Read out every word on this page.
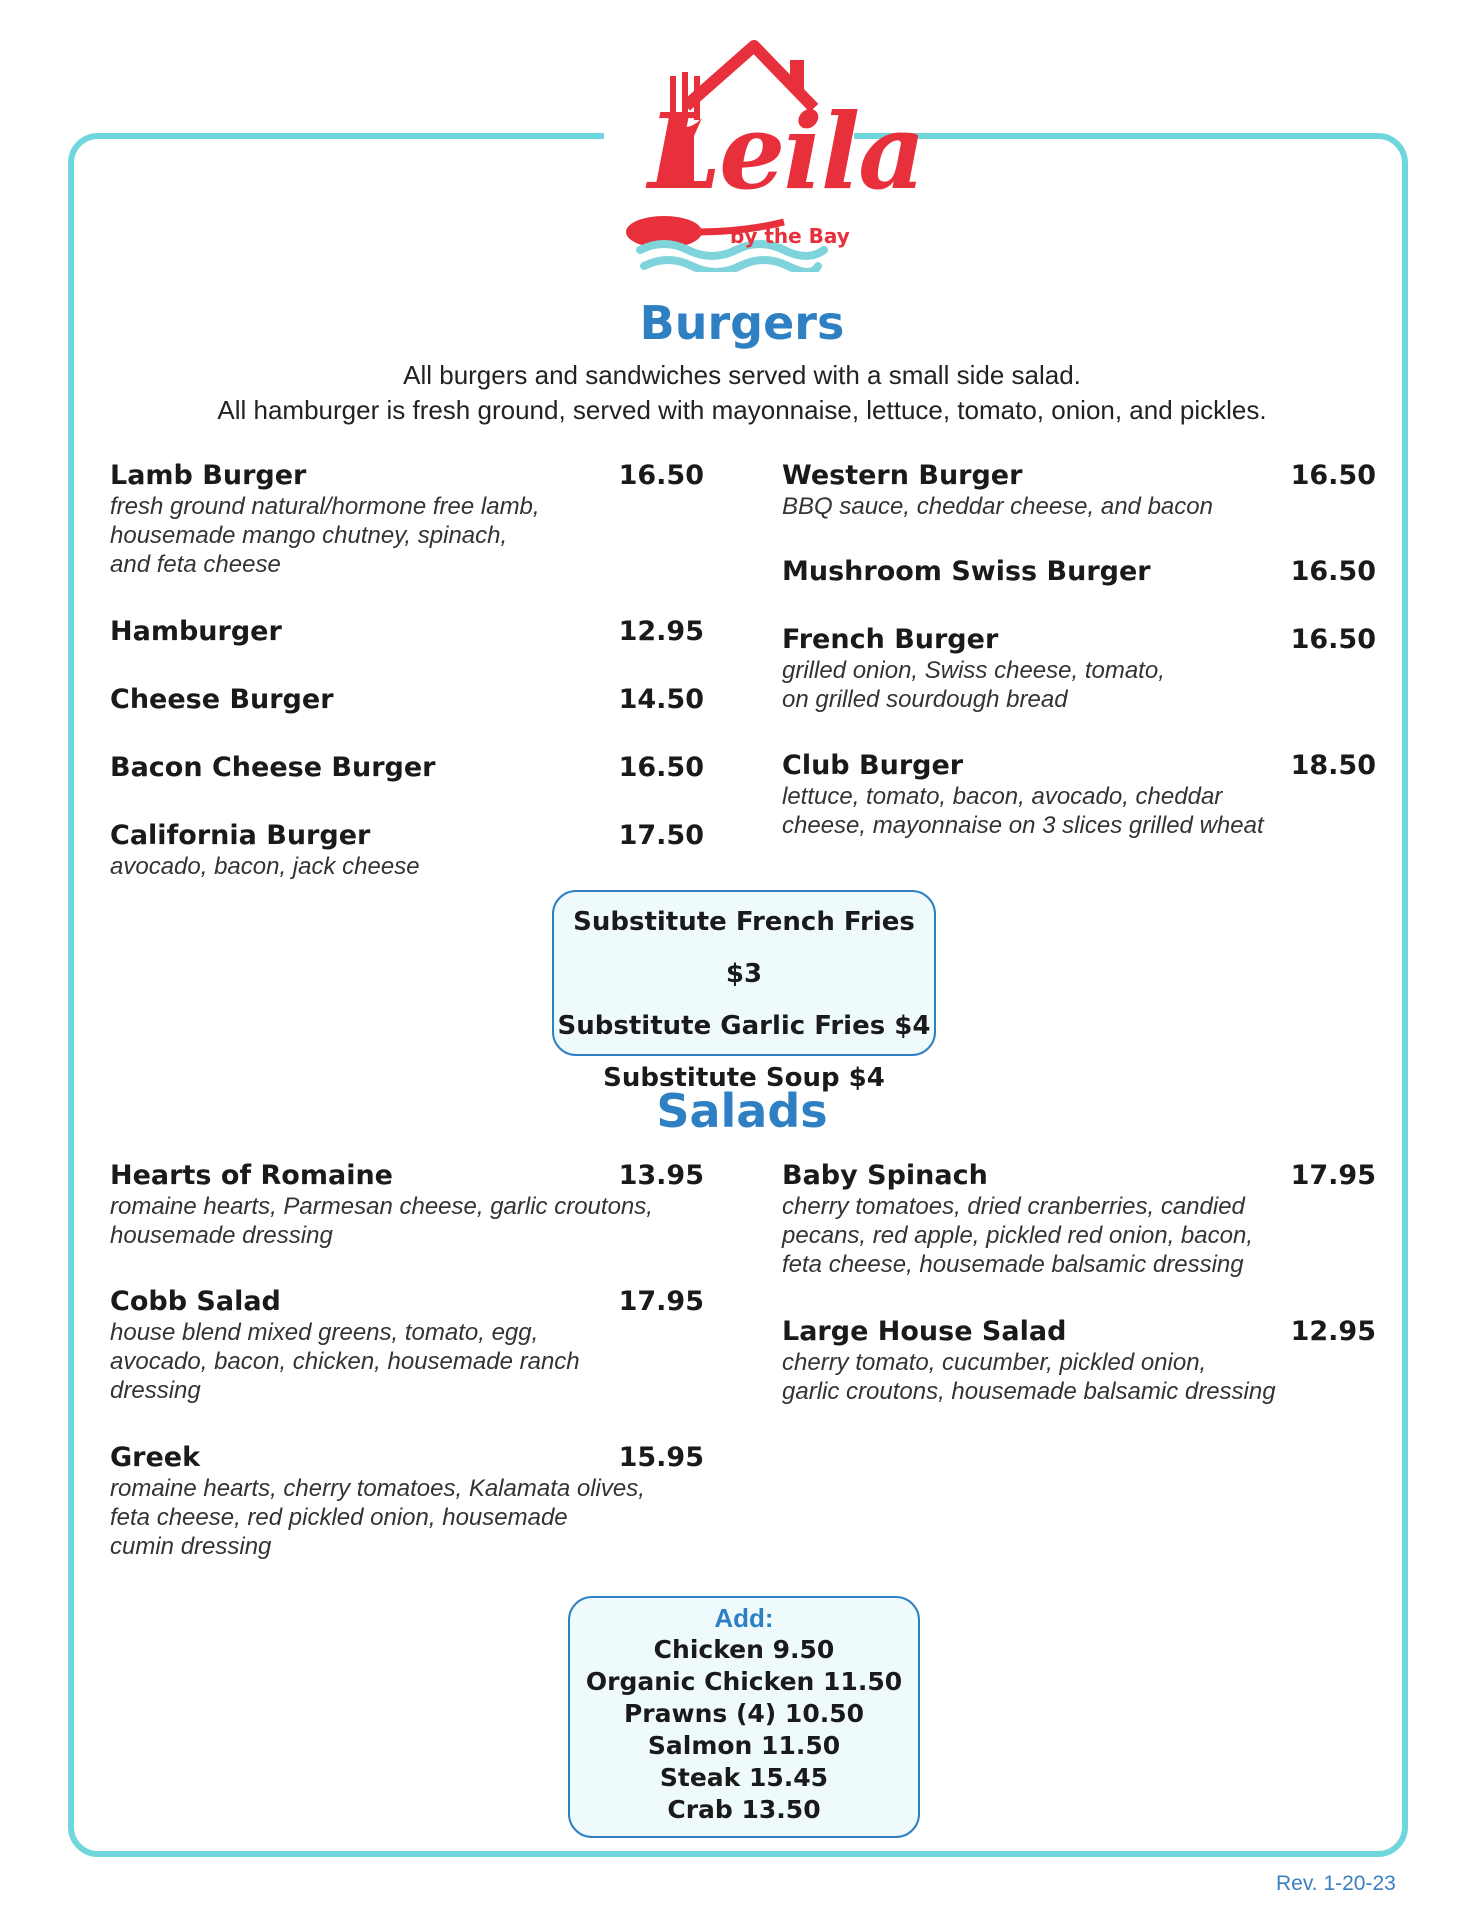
Leila
by the Bay
Burgers
All burgers and sandwiches served with a small side salad.
All hamburger is fresh ground, served with mayonnaise, lettuce, tomato, onion, and pickles.
Lamb Burger	16.50
fresh ground natural/hormone free lamb,
housemade mango chutney, spinach,
and feta cheese
Hamburger	12.95
Cheese Burger	14.50
Bacon Cheese Burger	16.50
California Burger	17.50
avocado, bacon, jack cheese
Western Burger	16.50
BBQ sauce, cheddar cheese, and bacon
Mushroom Swiss Burger	16.50
French Burger	16.50
grilled onion, Swiss cheese, tomato,
on grilled sourdough bread
Club Burger	18.50
lettuce, tomato, bacon, avocado, cheddar
cheese, mayonnaise on 3 slices grilled wheat
Substitute French Fries $3
Substitute Garlic Fries $4
Substitute Soup $4
Salads
Hearts of Romaine	13.95
romaine hearts, Parmesan cheese, garlic croutons,
housemade dressing
Cobb Salad	17.95
house blend mixed greens, tomato, egg,
avocado, bacon, chicken, housemade ranch
dressing
Greek	15.95
romaine hearts, cherry tomatoes, Kalamata olives,
feta cheese, red pickled onion, housemade
cumin dressing
Baby Spinach	17.95
cherry tomatoes, dried cranberries, candied
pecans, red apple, pickled red onion, bacon,
feta cheese, housemade balsamic dressing
Large House Salad	12.95
cherry tomato, cucumber, pickled onion,
garlic croutons, housemade balsamic dressing
Add:
Chicken 9.50
Organic Chicken 11.50
Prawns (4) 10.50
Salmon 11.50
Steak 15.45
Crab 13.50
Rev. 1-20-23
